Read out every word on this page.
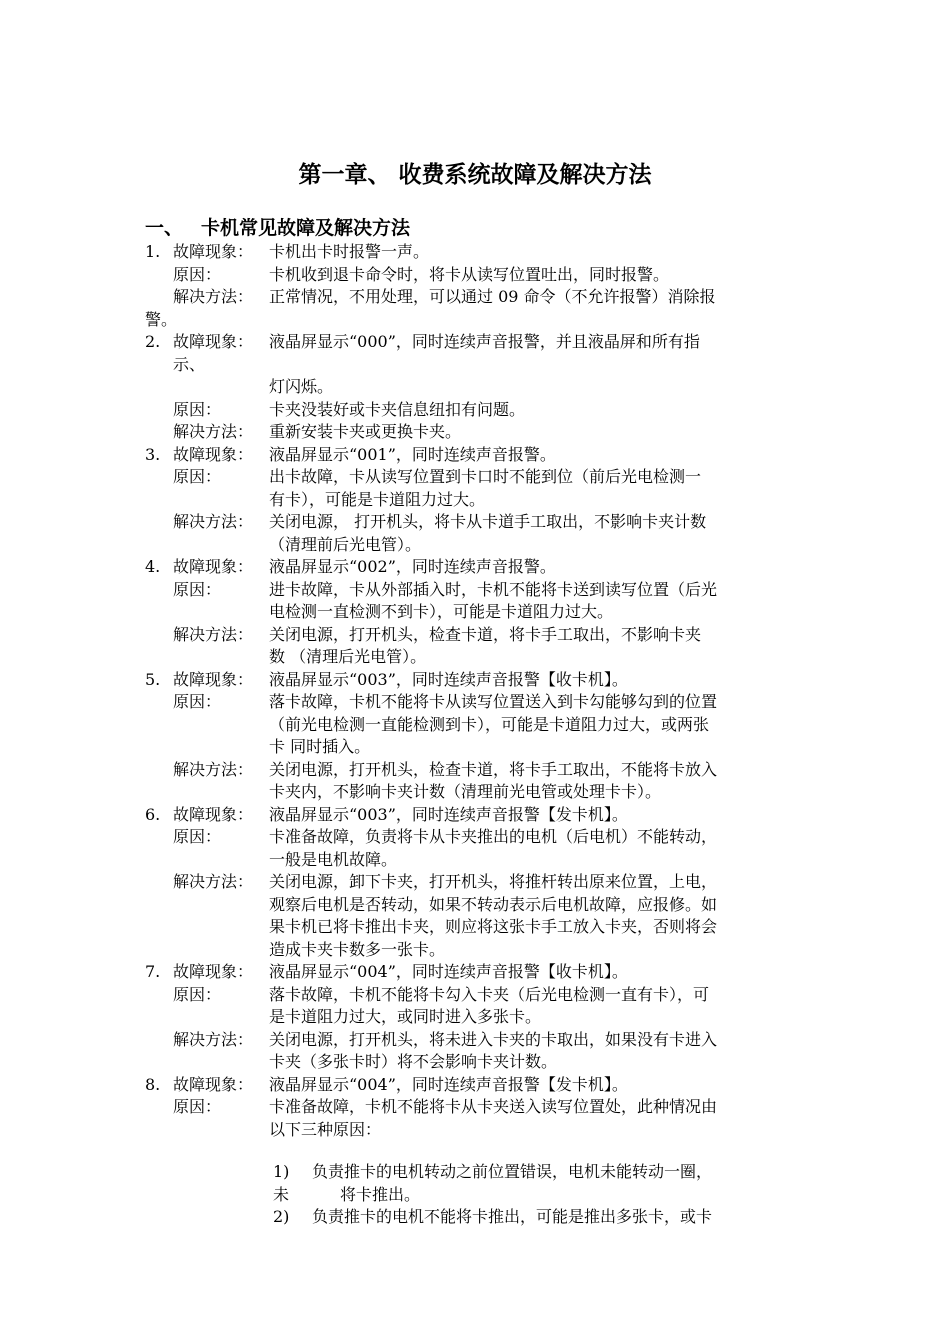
第一章、 收费系统故障及解决方法
一、 卡机常见故障及解决方法
1. 故障现象： 卡机出卡时报警一声。
原因：	卡机收到退卡命令时，将卡从读写位置吐出，同时报警。
解决方法： 正常情况，不用处理，可以通过 09 命令（不允许报警）消除报
警。
2. 故障现象： 液晶屏显示“000”，同时连续声音报警，并且液晶屏和所有指
示、
灯闪烁。
原因：	卡夹没装好或卡夹信息纽扣有问题。
解决方法： 重新安装卡夹或更换卡夹。
3. 故障现象： 液晶屏显示“001”，同时连续声音报警。
原因：	出卡故障，卡从读写位置到卡口时不能到位（前后光电检测一
有卡），可能是卡道阻力过大。
解决方法： 关闭电源， 打开机头，将卡从卡道手工取出，不影响卡夹计数
（清理前后光电管）。
4. 故障现象： 液晶屏显示“002”，同时连续声音报警。
原因：	进卡故障，卡从外部插入时，卡机不能将卡送到读写位置（后光
电检测一直检测不到卡），可能是卡道阻力过大。
解决方法： 关闭电源，打开机头，检查卡道，将卡手工取出，不影响卡夹
数 （清理后光电管）。
5. 故障现象： 液晶屏显示“003”，同时连续声音报警【收卡机】。
原因：	落卡故障，卡机不能将卡从读写位置送入到卡勾能够勾到的位置
（前光电检测一直能检测到卡），可能是卡道阻力过大，或两张
卡 同时插入。
解决方法： 关闭电源，打开机头，检查卡道，将卡手工取出，不能将卡放入
卡夹内，不影响卡夹计数（清理前光电管或处理卡卡）。
6. 故障现象： 液晶屏显示“003”，同时连续声音报警【发卡机】。
原因：	卡准备故障，负责将卡从卡夹推出的电机（后电机）不能转动，
一般是电机故障。
解决方法： 关闭电源，卸下卡夹，打开机头，将推杆转出原来位置，上电，
观察后电机是否转动，如果不转动表示后电机故障，应报修。如
果卡机已将卡推出卡夹，则应将这张卡手工放入卡夹，否则将会
造成卡夹卡数多一张卡。
7. 故障现象： 液晶屏显示“004”，同时连续声音报警【收卡机】。
原因：	落卡故障，卡机不能将卡勾入卡夹（后光电检测一直有卡），可
是卡道阻力过大，或同时进入多张卡。
解决方法： 关闭电源，打开机头，将未进入卡夹的卡取出，如果没有卡进入
卡夹（多张卡时）将不会影响卡夹计数。
8. 故障现象： 液晶屏显示“004”，同时连续声音报警【发卡机】。
原因：	卡准备故障，卡机不能将卡从卡夹送入读写位置处，此种情况由
以下三种原因：
1) 负责推卡的电机转动之前位置错误，电机未能转动一圈，
未	将卡推出。
2) 负责推卡的电机不能将卡推出，可能是推出多张卡，或卡
